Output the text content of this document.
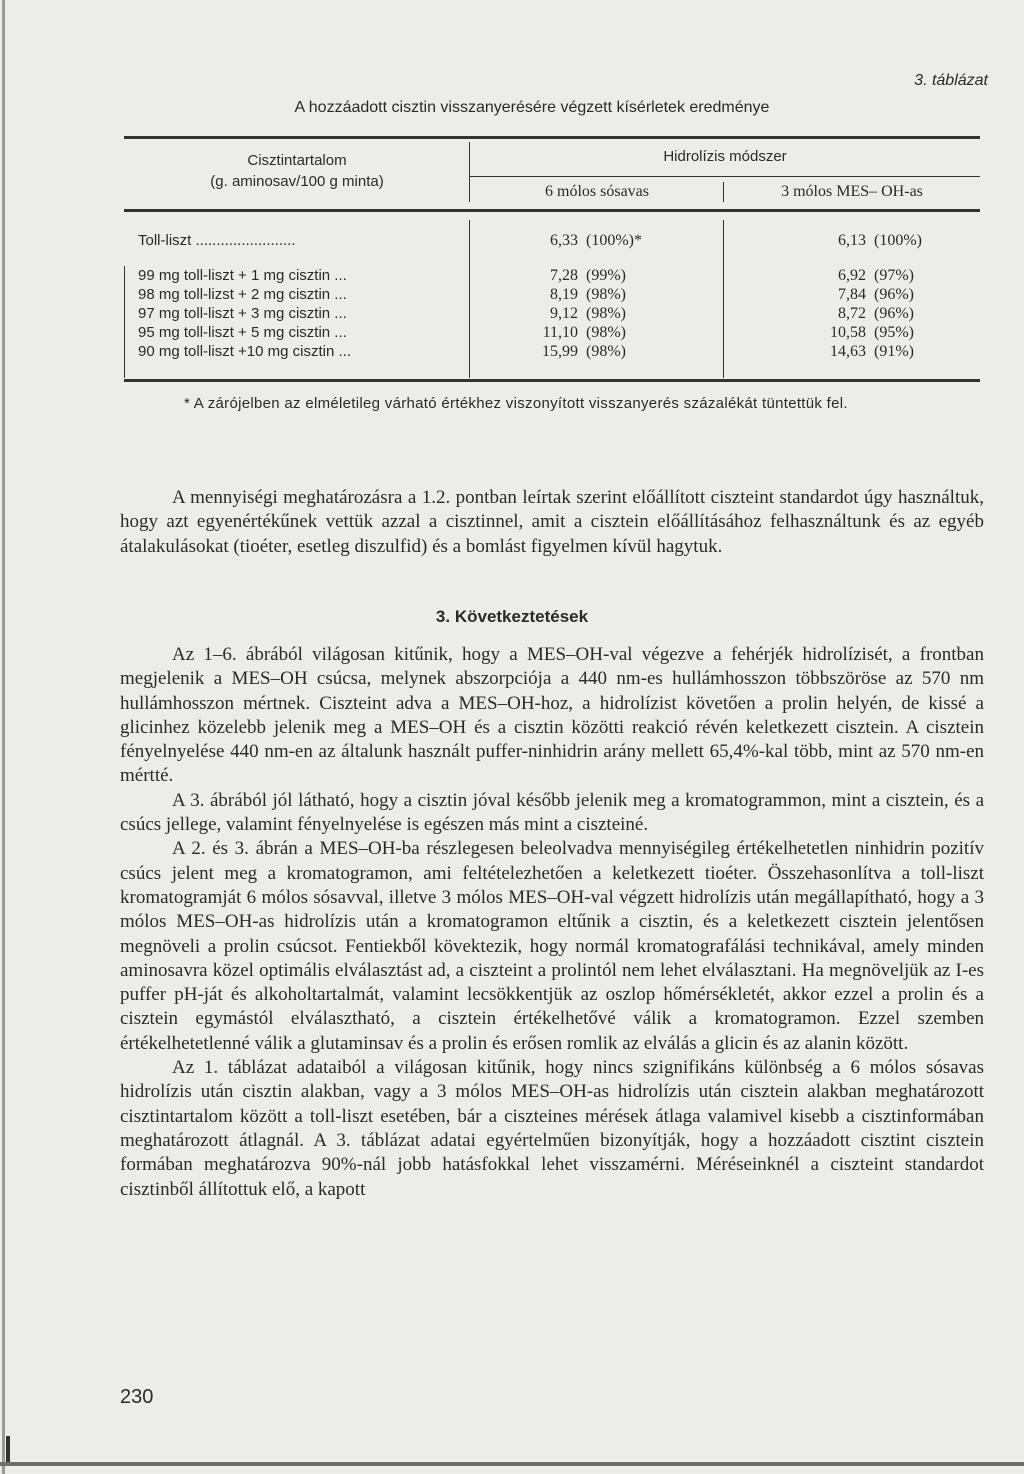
3. táblázat
A hozzáadott cisztin visszanyerésére végzett kísérletek eredménye
Cisztintartalom
(g. aminosav/100 g minta)
Hidrolízis módszer
6 mólos sósavas	3 mólos MES– OH-as
Toll-liszt ........................	6,33 (100%)*	6,13 (100%)
99 mg toll-liszt + 1 mg cisztin ...	7,28 (99%)	6,92 (97%)
98 mg toll-lizst + 2 mg cisztin ...	8,19 (98%)	7,84 (96%)
97 mg toll-liszt + 3 mg cisztin ...	9,12 (98%)	8,72 (96%)
95 mg toll-liszt + 5 mg cisztin ...	11,10 (98%)	10,58 (95%)
90 mg toll-liszt +10 mg cisztin ...	15,99 (98%)	14,63 (91%)
* A zárójelben az elméletileg várható értékhez viszonyított visszanyerés százalékát tüntettük fel.

A mennyiségi meghatározásra a 1.2. pontban leírtak szerint előállított ciszteint standardot úgy használtuk, hogy azt egyenértékűnek vettük azzal a cisztinnel, amit a cisztein előállításához felhasználtunk és az egyéb átalakulásokat (tioéter, esetleg diszulfid) és a bomlást figyelmen kívül hagytuk.

3. Következtetések

Az 1–6. ábrából világosan kitűnik, hogy a MES–OH-val végezve a fehérjék hidrolízisét, a frontban megjelenik a MES–OH csúcsa, melynek abszorpciója a 440 nm-es hullámhosszon többszöröse az 570 nm hullámhosszon mértnek. Ciszteint adva a MES–OH-hoz, a hidrolízist követően a prolin helyén, de kissé a glicinhez közelebb jelenik meg a MES–OH és a cisztin közötti reakció révén keletkezett cisztein. A cisztein fényelnyelése 440 nm-en az általunk használt puffer-ninhidrin arány mellett 65,4%-kal több, mint az 570 nm-en mértté.

A 3. ábrából jól látható, hogy a cisztin jóval később jelenik meg a kromatogrammon, mint a cisztein, és a csúcs jellege, valamint fényelnyelése is egészen más mint a ciszteiné.

A 2. és 3. ábrán a MES–OH-ba részlegesen beleolvadva mennyiségileg értékelhetetlen ninhidrin pozitív csúcs jelent meg a kromatogramon, ami feltételezhetően a keletkezett tioéter. Összehasonlítva a toll-liszt kromatogramját 6 mólos sósavval, illetve 3 mólos MES–OH-val végzett hidrolízis után megállapítható, hogy a 3 mólos MES–OH-as hidrolízis után a kromatogramon eltűnik a cisztin, és a keletkezett cisztein jelentősen megnöveli a prolin csúcsot. Fentiekből kövektezik, hogy normál kromatografálási technikával, amely minden aminosavra közel optimális elválasztást ad, a ciszteint a prolintól nem lehet elválasztani. Ha megnöveljük az I-es puffer pH-ját és alkoholtartalmát, valamint lecsökkentjük az oszlop hőmérsékletét, akkor ezzel a prolin és a cisztein egymástól elválasztható, a cisztein értékelhetővé válik a kromatogramon. Ezzel szemben értékelhetetlenné válik a glutaminsav és a prolin és erősen romlik az elválás a glicin és az alanin között.

Az 1. táblázat adataiból a világosan kitűnik, hogy nincs szignifikáns különbség a 6 mólos sósavas hidrolízis után cisztin alakban, vagy a 3 mólos MES–OH-as hidrolízis után cisztein alakban meghatározott cisztintartalom között a toll-liszt esetében, bár a ciszteines mérések átlaga valamivel kisebb a cisztinformában meghatározott átlagnál. A 3. táblázat adatai egyértelműen bizonyítják, hogy a hozzáadott cisztint cisztein formában meghatározva 90%-nál jobb hatásfokkal lehet visszamérni. Méréseinknél a ciszteint standardot cisztinből állítottuk elő, a kapott

230
